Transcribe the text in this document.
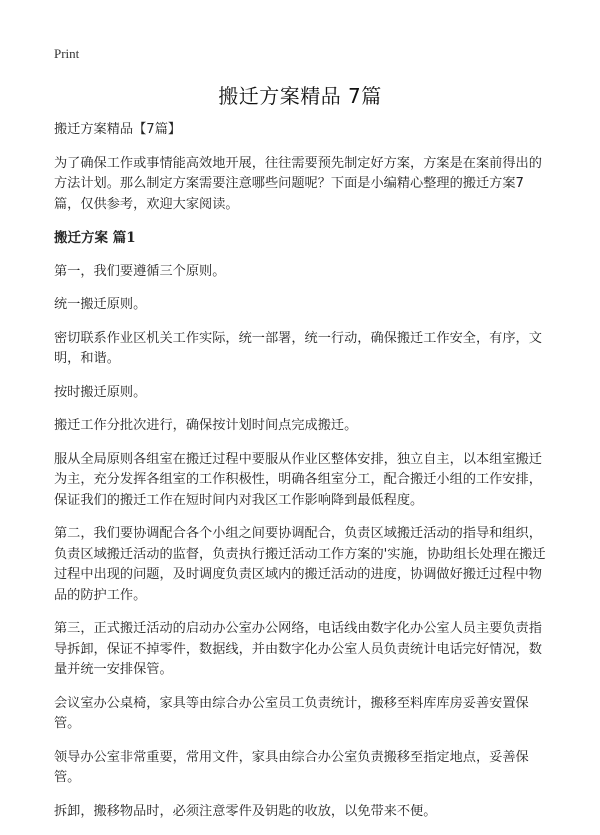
Print
搬迁方案精品 7篇

搬迁方案精品【7篇】

为了确保工作或事情能高效地开展，往往需要预先制定好方案，方案是在案前得出的方法计划。那么制定方案需要注意哪些问题呢？下面是小编精心整理的搬迁方案7篇，仅供参考，欢迎大家阅读。

搬迁方案 篇1

第一，我们要遵循三个原则。

统一搬迁原则。

密切联系作业区机关工作实际，统一部署，统一行动，确保搬迁工作安全，有序，文明，和谐。

按时搬迁原则。

搬迁工作分批次进行，确保按计划时间点完成搬迁。

服从全局原则各组室在搬迁过程中要服从作业区整体安排，独立自主，以本组室搬迁为主，充分发挥各组室的工作积极性，明确各组室分工，配合搬迁小组的工作安排，保证我们的搬迁工作在短时间内对我区工作影响降到最低程度。

第二，我们要协调配合各个小组之间要协调配合，负责区域搬迁活动的指导和组织，负责区域搬迁活动的监督，负责执行搬迁活动工作方案的'实施，协助组长处理在搬迁过程中出现的问题，及时调度负责区域内的搬迁活动的进度，协调做好搬迁过程中物品的防护工作。

第三，正式搬迁活动的启动办公室办公网络，电话线由数字化办公室人员主要负责指导拆卸，保证不掉零件，数据线，并由数字化办公室人员负责统计电话完好情况，数量并统一安排保管。

会议室办公桌椅，家具等由综合办公室员工负责统计，搬移至料库库房妥善安置保管。

领导办公室非常重要，常用文件，家具由综合办公室负责搬移至指定地点，妥善保管。

拆卸，搬移物品时，必须注意零件及钥匙的收放，以免带来不便。
